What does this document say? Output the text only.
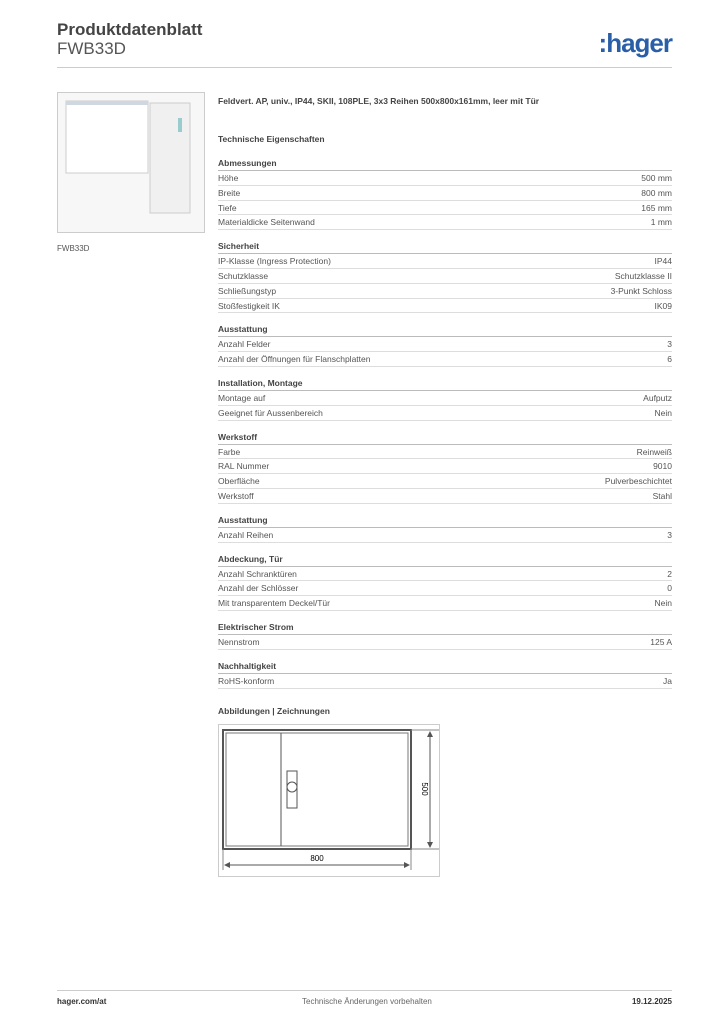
Produktdatenblatt
FWB33D	:hager
FWB33D
Feldvert. AP, univ., IP44, SKII, 108PLE, 3x3 Reihen 500x800x161mm, leer mit Tür
Technische Eigenschaften
Abmessungen
Höhe	500 mm
Breite	800 mm
Tiefe	165 mm
Materialdicke Seitenwand	1 mm
Sicherheit
IP-Klasse (Ingress Protection)	IP44
Schutzklasse	Schutzklasse II
Schließungstyp	3-Punkt Schloss
Stoßfestigkeit IK	IK09
Ausstattung
Anzahl Felder	3
Anzahl der Öffnungen für Flanschplatten	6
Installation, Montage
Montage auf	Aufputz
Geeignet für Aussenbereich	Nein
Werkstoff
Farbe	Reinweiß
RAL Nummer	9010
Oberfläche	Pulverbeschichtet
Werkstoff	Stahl
Ausstattung
Anzahl Reihen	3
Abdeckung, Tür
Anzahl Schranktüren	2
Anzahl der Schlösser	0
Mit transparentem Deckel/Tür	Nein
Elektrischer Strom
Nennstrom	125 A
Nachhaltigkeit
RoHS-konform	Ja
Abbildungen | Zeichnungen
800
500
hager.com/at	Technische Änderungen vorbehalten	19.12.2025
